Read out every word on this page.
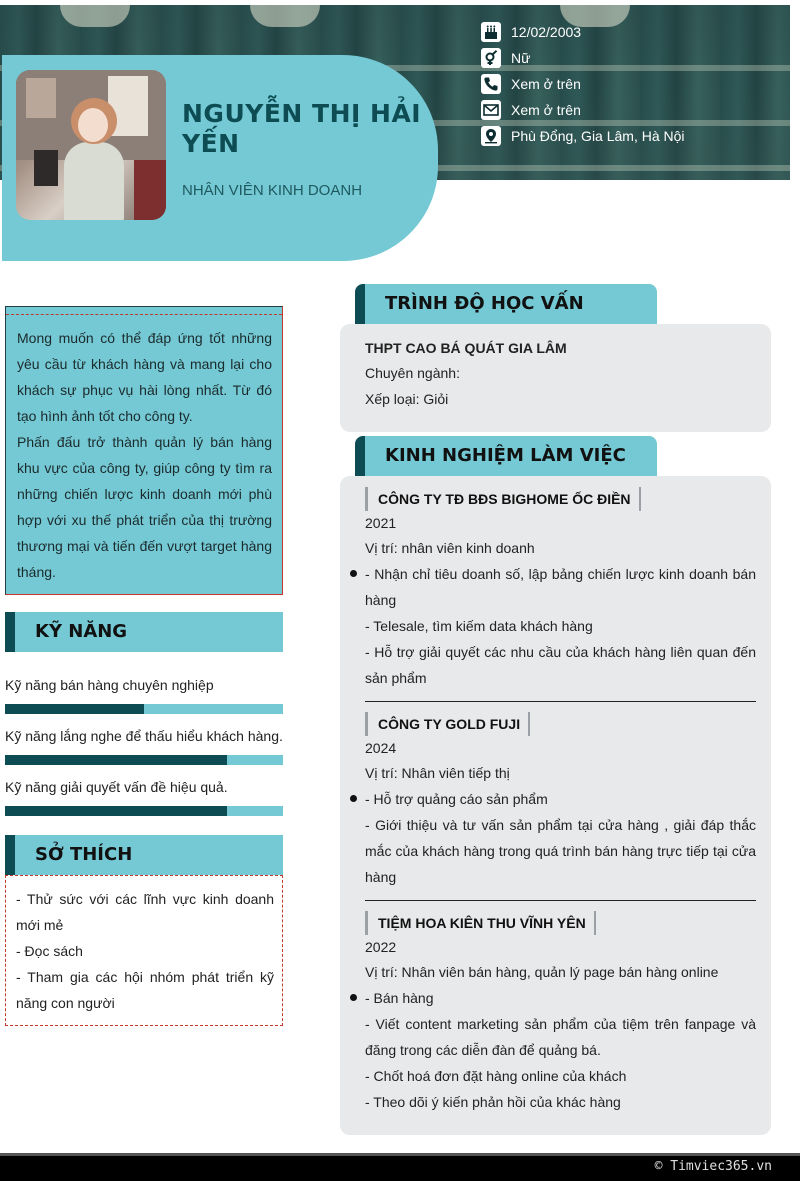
NGUYỄN THỊ HẢI YẾN
NHÂN VIÊN KINH DOANH
12/02/2003
Nữ
Xem ở trên
Xem ở trên
Phù Đổng, Gia Lâm, Hà Nội
Mong muốn có thể đáp ứng tốt những yêu cầu từ khách hàng và mang lại cho khách sự phục vụ hài lòng nhất. Từ đó tạo hình ảnh tốt cho công ty.
Phấn đấu trở thành quản lý bán hàng khu vực của công ty, giúp công ty tìm ra những chiến lược kinh doanh mới phù hợp với xu thế phát triển của thị trường thương mại và tiến đến vượt target hàng tháng.
KỸ NĂNG
Kỹ năng bán hàng chuyên nghiệp
Kỹ năng lắng nghe để thấu hiểu khách hàng.
Kỹ năng giải quyết vấn đề hiệu quả.
SỞ THÍCH
- Thử sức với các lĩnh vực kinh doanh mới mẻ
- Đọc sách
- Tham gia các hội nhóm phát triển kỹ năng con người
TRÌNH ĐỘ HỌC VẤN
THPT CAO BÁ QUÁT GIA LÂM
Chuyên ngành:
Xếp loại: Giỏi
KINH NGHIỆM LÀM VIỆC
CÔNG TY TĐ BĐS BIGHOME ỐC ĐIỀN
2021
Vị trí: nhân viên kinh doanh
- Nhận chỉ tiêu doanh số, lập bảng chiến lược kinh doanh bán hàng
- Telesale, tìm kiếm data khách hàng
- Hỗ trợ giải quyết các nhu cầu của khách hàng liên quan đến sản phẩm
CÔNG TY GOLD FUJI
2024
Vị trí: Nhân viên tiếp thị
- Hỗ trợ quảng cáo sản phẩm
- Giới thiệu và tư vấn sản phẩm tại cửa hàng , giải đáp thắc mắc của khách hàng trong quá trình bán hàng trực tiếp tại cửa hàng
TIỆM HOA KIÊN THU VĨNH YÊN
2022
Vị trí: Nhân viên bán hàng, quản lý page bán hàng online
- Bán hàng
- Viết content marketing sản phẩm của tiệm trên fanpage và đăng trong các diễn đàn để quảng bá.
- Chốt hoá đơn đặt hàng online của khách
- Theo dõi ý kiến phản hồi của khác hàng
© Timviec365.vn
